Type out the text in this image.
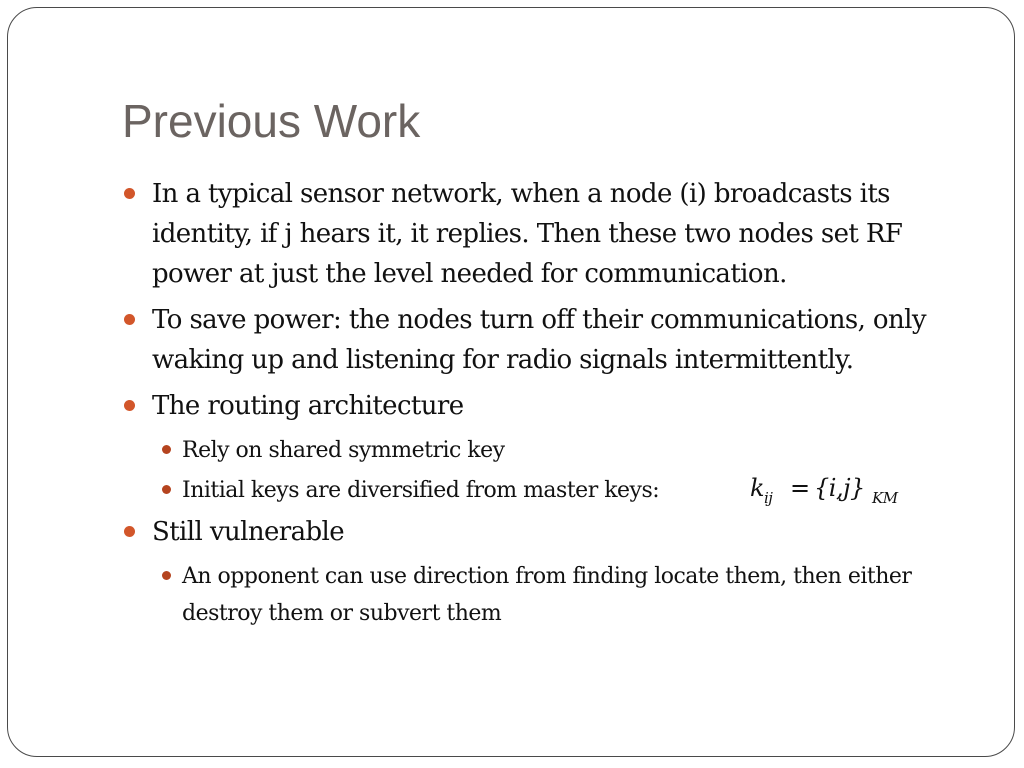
Previous Work

In a typical sensor network, when a node (i) broadcasts its identity, if j hears it, it replies. Then these two nodes set RF power at just the level needed for communication.

To save power: the nodes turn off their communications, only waking up and listening for radio signals intermittently.

The routing architecture

Rely on shared symmetric key

Initial keys are diversified from master keys:	k ij = {i,j} KM

Still vulnerable

An opponent can use direction from finding locate them, then either destroy them or subvert them
